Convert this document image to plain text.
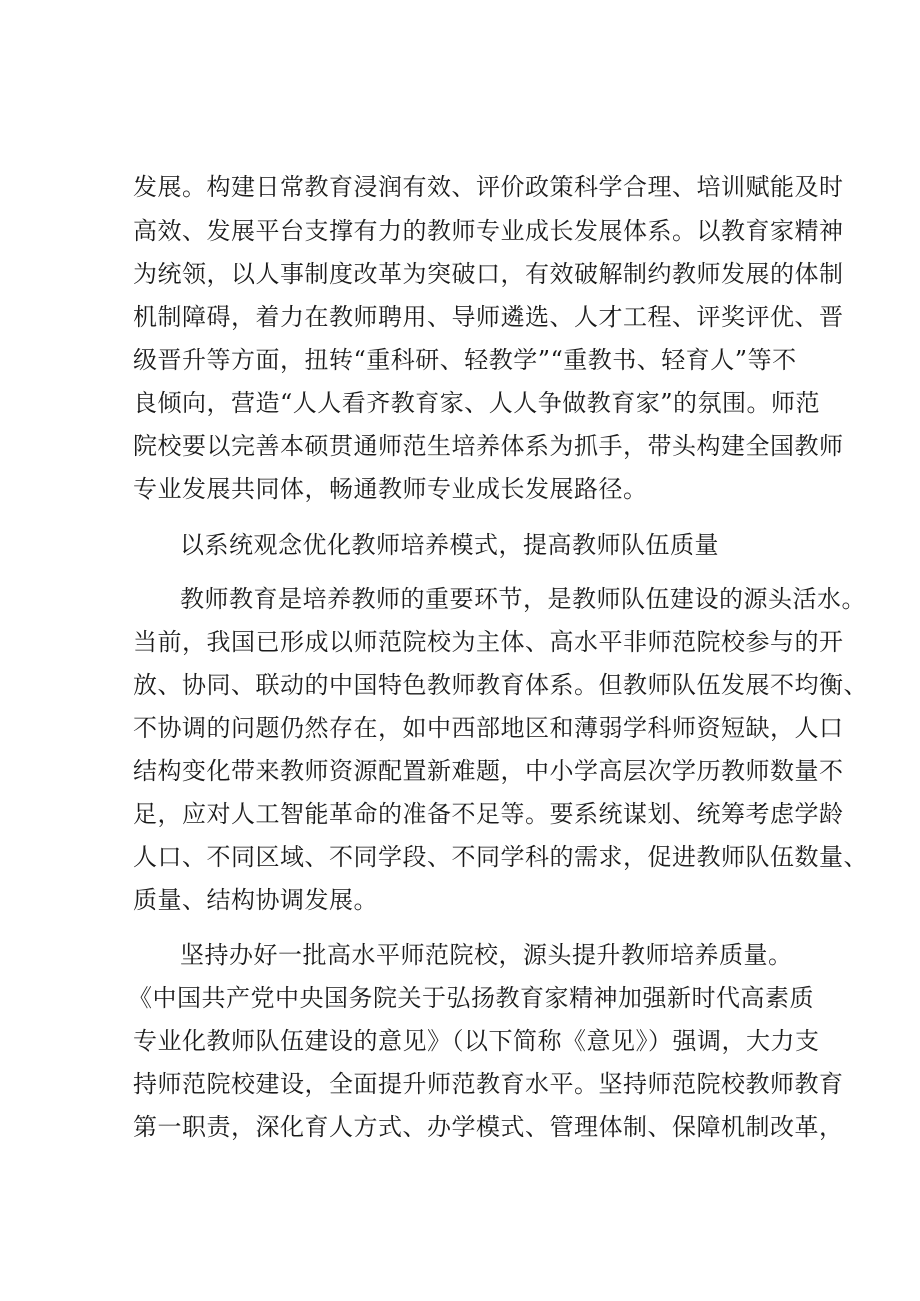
发展。构建日常教育浸润有效、评价政策科学合理、培训赋能及时
高效、发展平台支撑有力的教师专业成长发展体系。以教育家精神
为统领，以人事制度改革为突破口，有效破解制约教师发展的体制
机制障碍，着力在教师聘用、导师遴选、人才工程、评奖评优、晋
级晋升等方面，扭转“重科研、轻教学”“重教书、轻育人”等不
良倾向，营造“人人看齐教育家、人人争做教育家”的氛围。师范
院校要以完善本硕贯通师范生培养体系为抓手，带头构建全国教师
专业发展共同体，畅通教师专业成长发展路径。
以系统观念优化教师培养模式，提高教师队伍质量
教师教育是培养教师的重要环节，是教师队伍建设的源头活水。
当前，我国已形成以师范院校为主体、高水平非师范院校参与的开
放、协同、联动的中国特色教师教育体系。但教师队伍发展不均衡、
不协调的问题仍然存在，如中西部地区和薄弱学科师资短缺，人口
结构变化带来教师资源配置新难题，中小学高层次学历教师数量不
足，应对人工智能革命的准备不足等。要系统谋划、统筹考虑学龄
人口、不同区域、不同学段、不同学科的需求，促进教师队伍数量、
质量、结构协调发展。
坚持办好一批高水平师范院校，源头提升教师培养质量。
《中国共产党中央国务院关于弘扬教育家精神加强新时代高素质
专业化教师队伍建设的意见》（以下简称《意见》）强调，大力支
持师范院校建设，全面提升师范教育水平。坚持师范院校教师教育
第一职责，深化育人方式、办学模式、管理体制、保障机制改革，
